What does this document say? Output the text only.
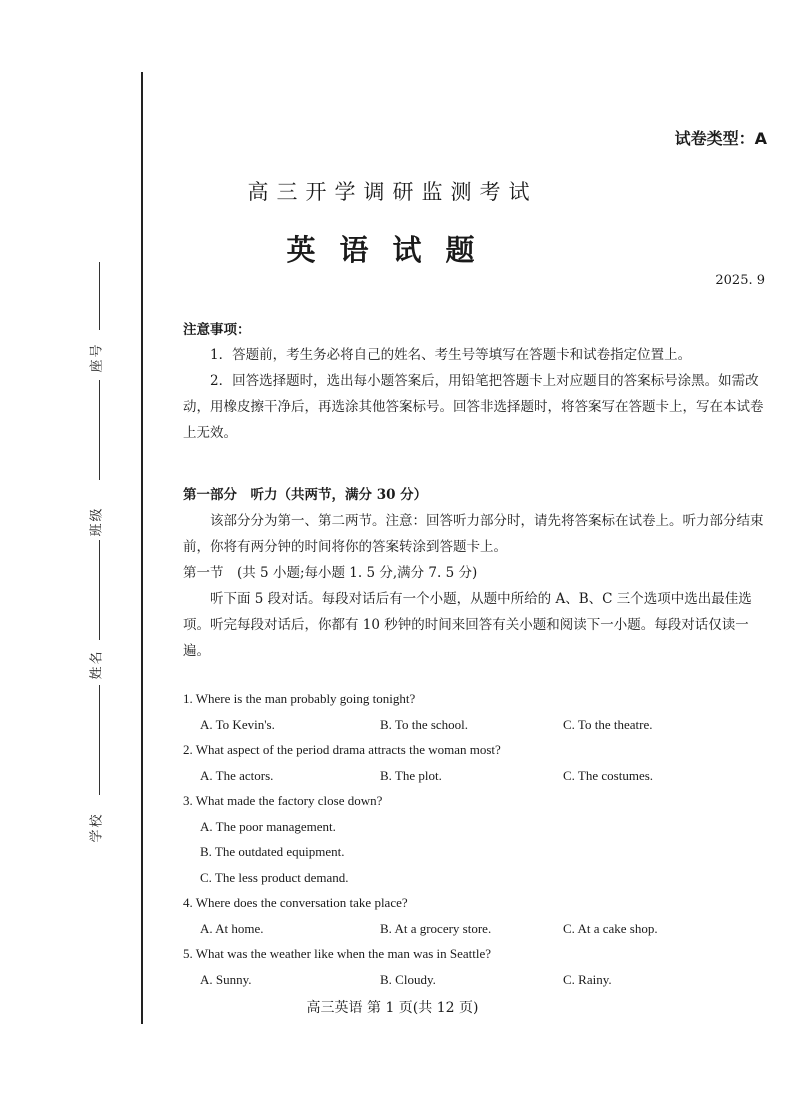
座号
班级
姓名
学校
试卷类型：A
高三开学调研监测考试
英语试题
2025. 9
注意事项：

1．答题前，考生务必将自己的姓名、考生号等填写在答题卡和试卷指定位置上。

2．回答选择题时，选出每小题答案后，用铅笔把答题卡上对应题目的答案标号涂黑。如需改动，用橡皮擦干净后，再选涂其他答案标号。回答非选择题时，将答案写在答题卡上，写在本试卷上无效。

第一部分　听力（共两节，满分 30 分）

该部分分为第一、第二两节。注意：回答听力部分时，请先将答案标在试卷上。听力部分结束前，你将有两分钟的时间将你的答案转涂到答题卡上。

第一节　(共 5 小题;每小题 1. 5 分,满分 7. 5 分)

听下面 5 段对话。每段对话后有一个小题，从题中所给的 A、B、C 三个选项中选出最佳选项。听完每段对话后，你都有 10 秒钟的时间来回答有关小题和阅读下一小题。每段对话仅读一遍。

1. Where is the man probably going tonight?
A. To Kevin's.	B. To the school.	C. To the theatre.
2. What aspect of the period drama attracts the woman most?
A. The actors.	B. The plot.	C. The costumes.
3. What made the factory close down?
A. The poor management.
B. The outdated equipment.
C. The less product demand.
4. Where does the conversation take place?
A. At home.	B. At a grocery store.	C. At a cake shop.
5. What was the weather like when the man was in Seattle?
A. Sunny.	B. Cloudy.	C. Rainy.
高三英语 第 1 页(共 12 页)
